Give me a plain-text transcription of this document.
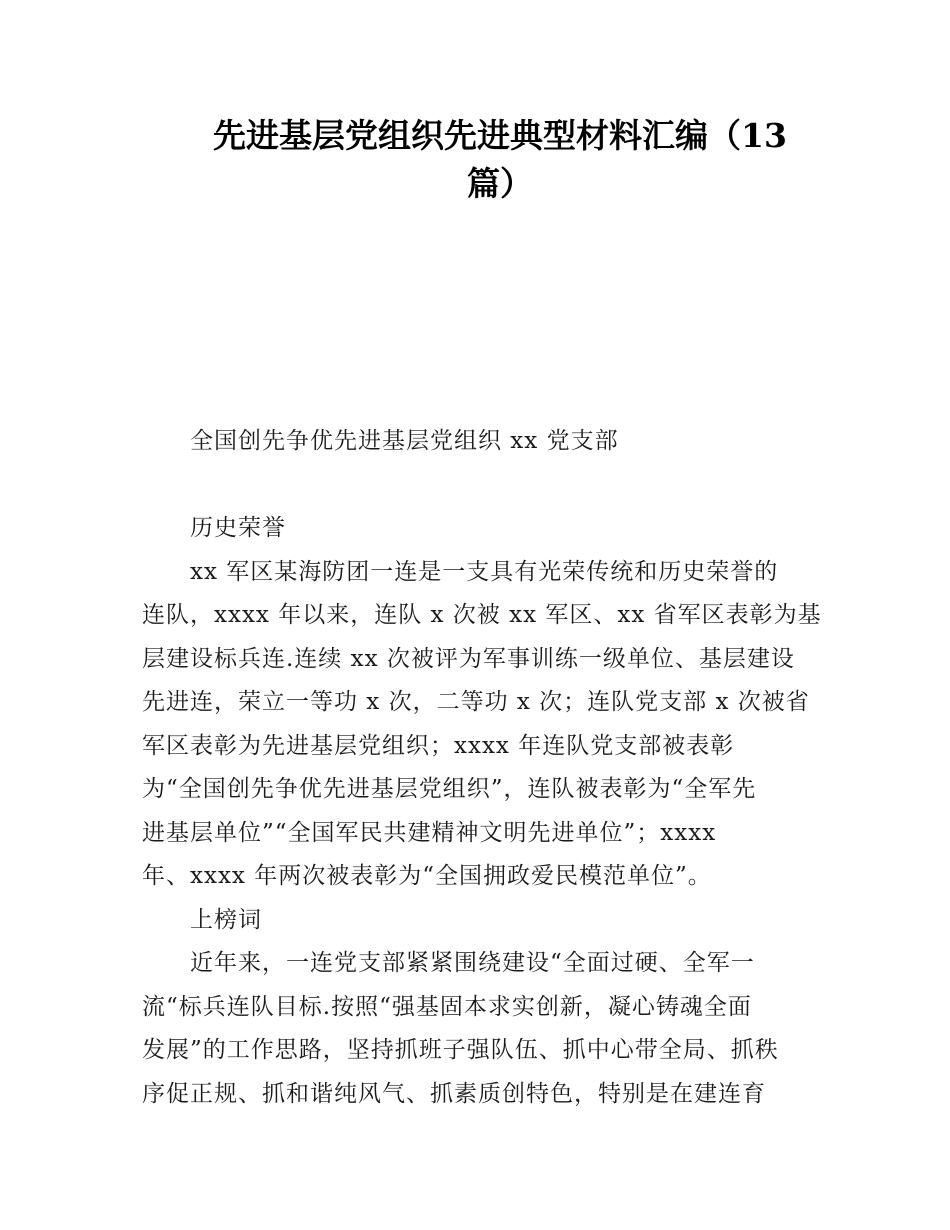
先进基层党组织先进典型材料汇编（13
篇）
全国创先争优先进基层党组织 xx 党支部
历史荣誉
xx 军区某海防团一连是一支具有光荣传统和历史荣誉的
连队，xxxx 年以来，连队 x 次被 xx 军区、xx 省军区表彰为基
层建设标兵连.连续 xx 次被评为军事训练一级单位、基层建设
先进连，荣立一等功 x 次，二等功 x 次；连队党支部 x 次被省
军区表彰为先进基层党组织；xxxx 年连队党支部被表彰
为“全国创先争优先进基层党组织”，连队被表彰为“全军先
进基层单位”“全国军民共建精神文明先进单位”；xxxx
年、xxxx 年两次被表彰为“全国拥政爱民模范单位”。
上榜词
近年来，一连党支部紧紧围绕建设“全面过硬、全军一
流“标兵连队目标.按照“强基固本求实创新，凝心铸魂全面
发展”的工作思路，坚持抓班子强队伍、抓中心带全局、抓秩
序促正规、抓和谐纯风气、抓素质创特色，特别是在建连育
